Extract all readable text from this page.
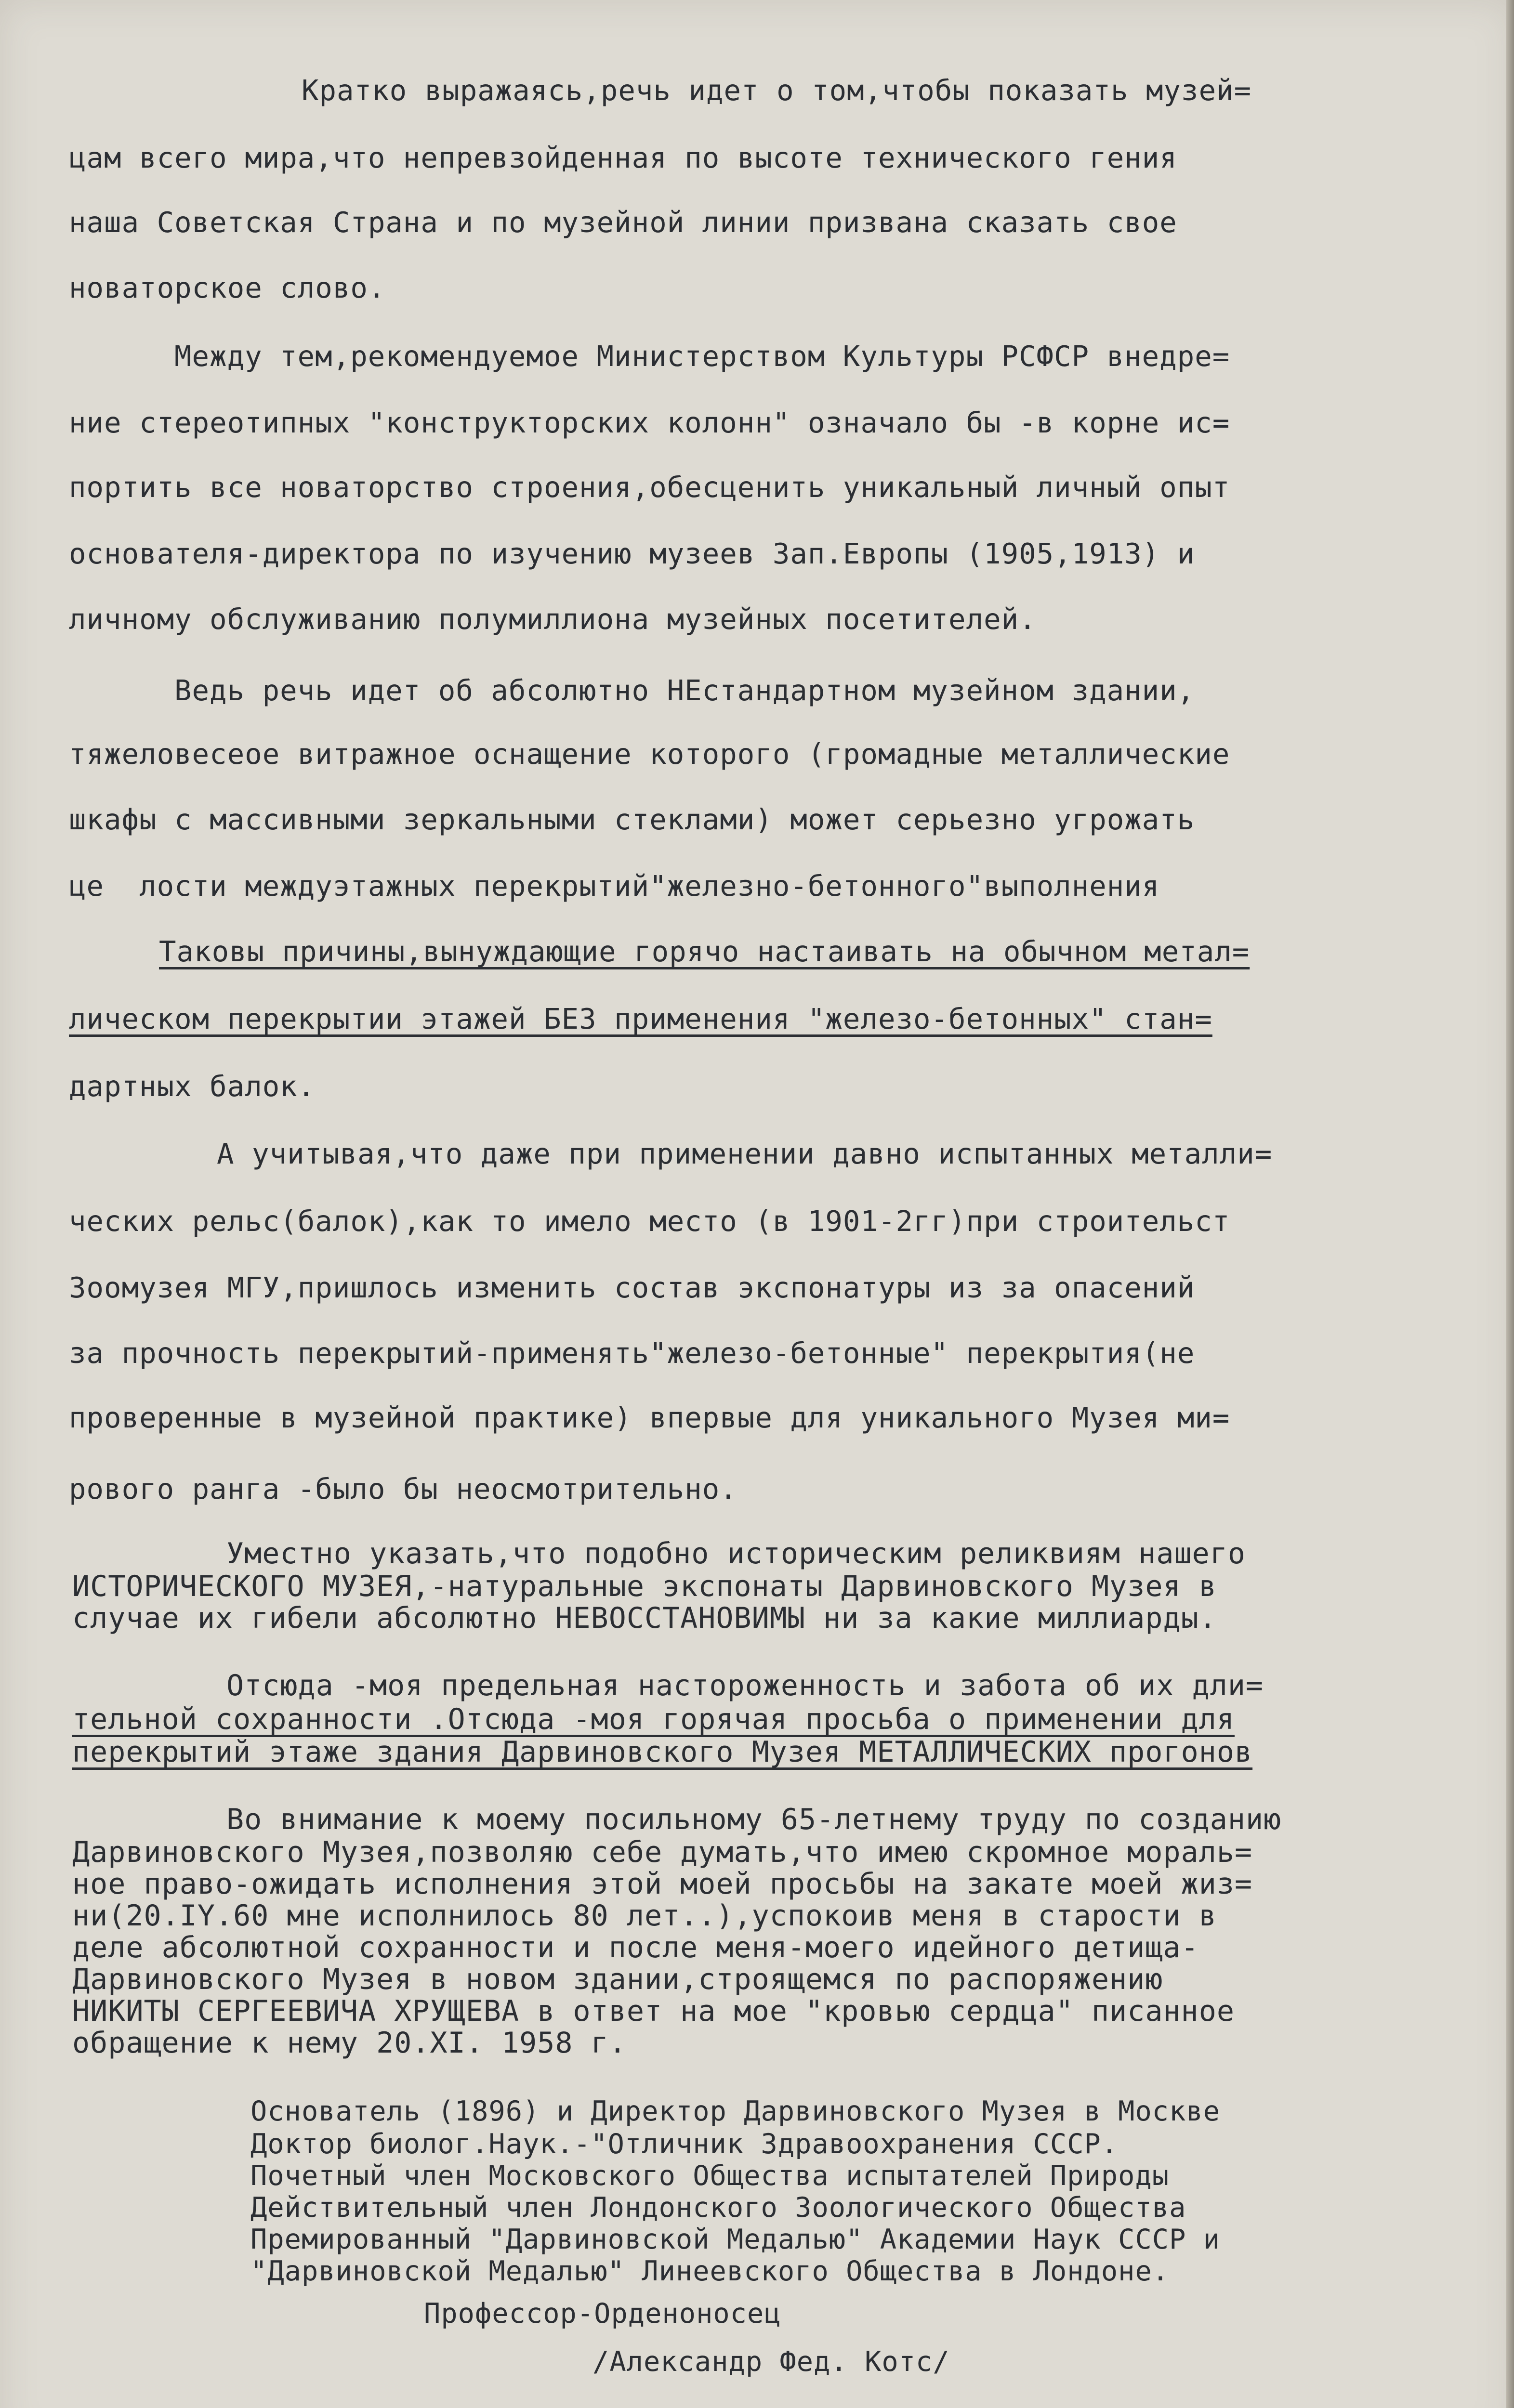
Кратко выражаясь,речь идет о том,чтобы показать музей=
цам всего мира,что непревзойденная по высоте технического гения
наша Советская Страна и по музейной линии призвана сказать свое
новаторское слово.
Между тем,рекомендуемое Министерством Культуры РСФСР внедре=
ние стереотипных "конструкторских колонн" означало бы -в корне ис=
портить все новаторство строения,обесценить уникальный личный опыт
основателя-директора по изучению музеев Зап.Европы (1905,1913) и
личному обслуживанию полумиллиона музейных посетителей.
Ведь речь идет об абсолютно НЕстандартном музейном здании,
тяжеловесеое витражное оснащение которого (громадные металлические
шкафы с массивными зеркальными стеклами) может серьезно угрожать
це  лости междуэтажных перекрытий"железно-бетонного"выполнения
Таковы причины,вынуждающие горячо настаивать на обычном метал=
лическом перекрытии этажей БЕЗ применения "железо-бетонных" стан=
дартных балок.
А учитывая,что даже при применении давно испытанных металли=
ческих рельс(балок),как то имело место (в 1901-2гг)при строительст
Зоомузея МГУ,пришлось изменить состав экспонатуры из за опасений
за прочность перекрытий-применять"железо-бетонные" перекрытия(не
проверенные в музейной практике) впервые для уникального Музея ми=
рового ранга -было бы неосмотрительно.
Уместно указать,что подобно историческим реликвиям нашего
ИСТОРИЧЕСКОГО МУЗЕЯ,-натуральные экспонаты Дарвиновского Музея в
случае их гибели абсолютно НЕВОССТАНОВИМЫ ни за какие миллиарды.
Отсюда -моя предельная настороженность и забота об их дли=
тельной сохранности .Отсюда -моя горячая просьба о применении для
перекрытий этаже здания Дарвиновского Музея МЕТАЛЛИЧЕСКИХ прогонов
Во внимание к моему посильному 65-летнему труду по созданию
Дарвиновского Музея,позволяю себе думать,что имею скромное мораль=
ное право-ожидать исполнения этой моей просьбы на закате моей жиз=
ни(20.IY.60 мне исполнилось 80 лет..),успокоив меня в старости в
деле абсолютной сохранности и после меня-моего идейного детища-
Дарвиновского Музея в новом здании,строящемся по распоряжению
НИКИТЫ СЕРГЕЕВИЧА ХРУЩЕВА в ответ на мое "кровью сердца" писанное
обращение к нему 20.XI. 1958 г.
Основатель (1896) и Директор Дарвиновского Музея в Москве
Доктор биолог.Наук.-"Отличник Здравоохранения СССР.
Почетный член Московского Общества испытателей Природы
Действительный член Лондонского Зоологического Общества
Премированный "Дарвиновской Медалью" Академии Наук СССР и
"Дарвиновской Медалью" Линеевского Общества в Лондоне.
Профессор-Орденоносец
/Александр Фед. Котс/
